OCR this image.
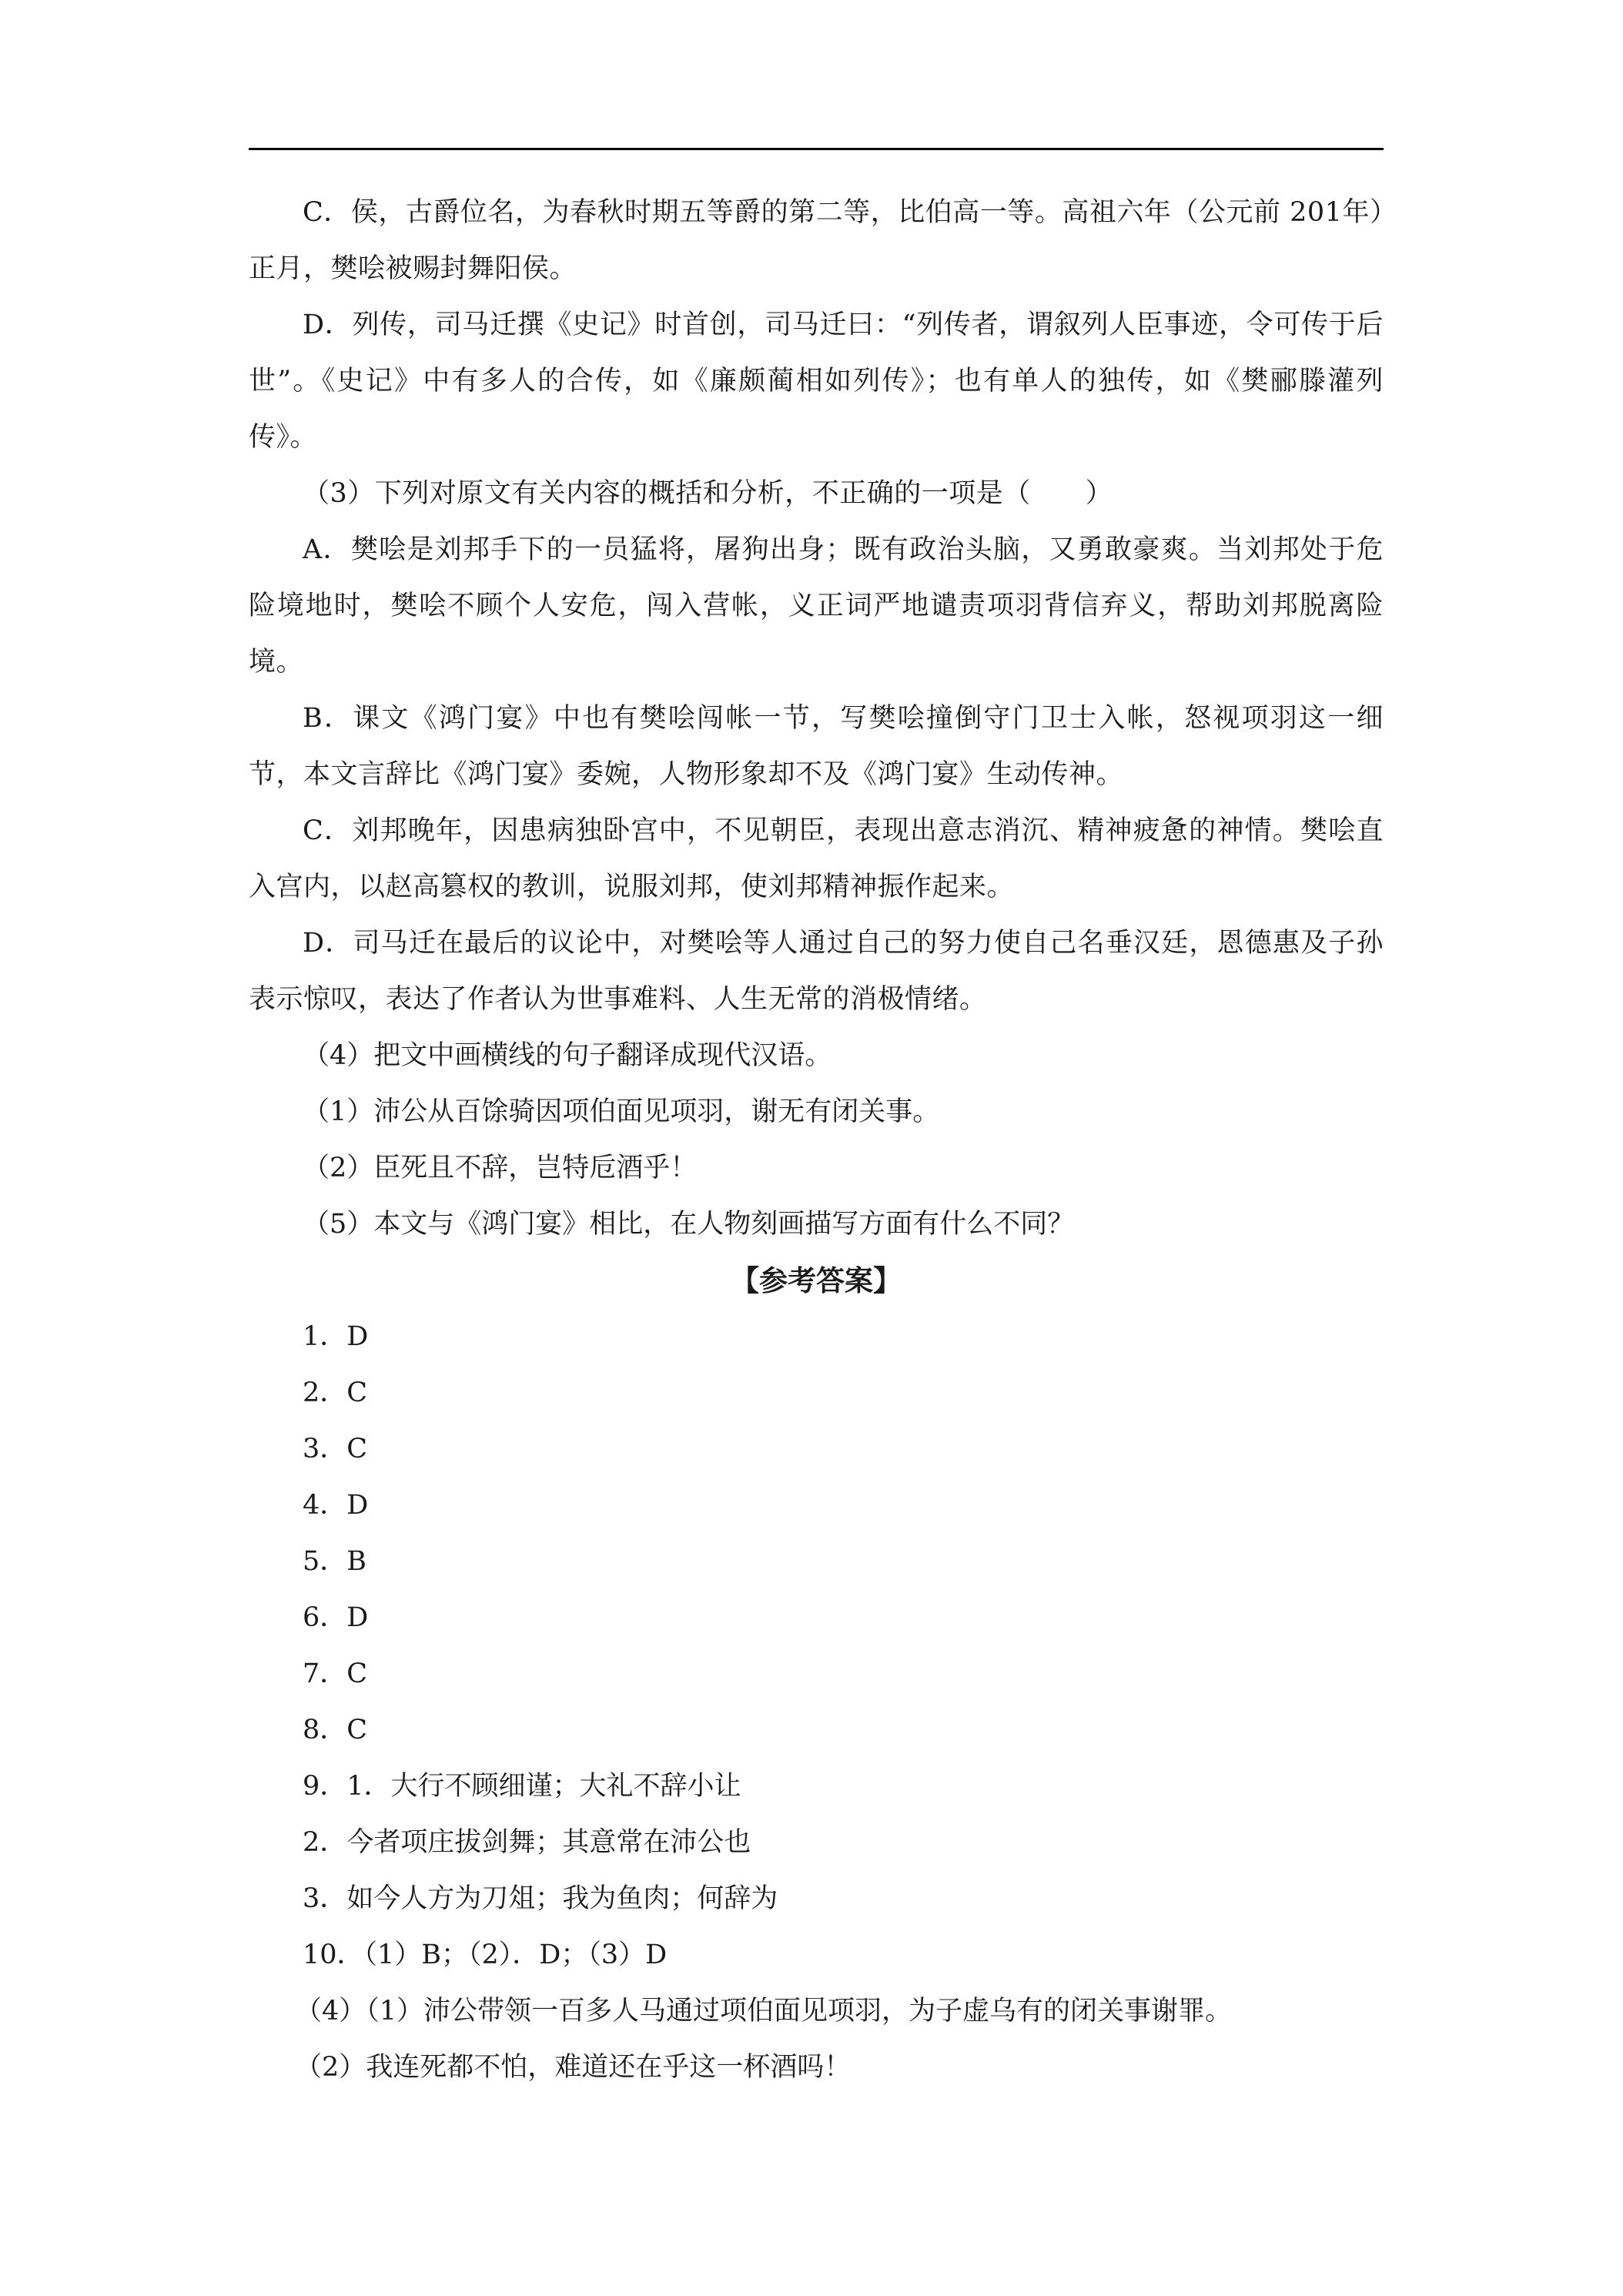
C．侯，古爵位名，为春秋时期五等爵的第二等，比伯高一等。高祖六年（公元前 201年）正月，樊哙被赐封舞阳侯。

D．列传，司马迁撰《史记》时首创，司马迁曰：“列传者，谓叙列人臣事迹，令可传于后世”。《史记》中有多人的合传，如《廉颇蔺相如列传》；也有单人的独传，如《樊郦滕灌列传》。

（3）下列对原文有关内容的概括和分析，不正确的一项是（　　）

A．樊哙是刘邦手下的一员猛将，屠狗出身；既有政治头脑，又勇敢豪爽。当刘邦处于危险境地时，樊哙不顾个人安危，闯入营帐，义正词严地谴责项羽背信弃义，帮助刘邦脱离险境。

B．课文《鸿门宴》中也有樊哙闯帐一节，写樊哙撞倒守门卫士入帐，怒视项羽这一细节，本文言辞比《鸿门宴》委婉，人物形象却不及《鸿门宴》生动传神。

C．刘邦晚年，因患病独卧宫中，不见朝臣，表现出意志消沉、精神疲惫的神情。樊哙直入宫内，以赵高篡权的教训，说服刘邦，使刘邦精神振作起来。

D．司马迁在最后的议论中，对樊哙等人通过自己的努力使自己名垂汉廷，恩德惠及子孙表示惊叹，表达了作者认为世事难料、人生无常的消极情绪。

（4）把文中画横线的句子翻译成现代汉语。

（1）沛公从百馀骑因项伯面见项羽，谢无有闭关事。

（2）臣死且不辞，岂特卮酒乎！

（5）本文与《鸿门宴》相比，在人物刻画描写方面有什么不同？

【参考答案】

1．D

2．C

3．C

4．D

5．B

6．D

7．C

8．C

9．1．大行不顾细谨；大礼不辞小让

2．今者项庄拔剑舞；其意常在沛公也

3．如今人方为刀俎；我为鱼肉；何辞为

10．（1）B；（2）．D；（3）D

（4）（1）沛公带领一百多人马通过项伯面见项羽，为子虚乌有的闭关事谢罪。

（2）我连死都不怕，难道还在乎这一杯酒吗！
